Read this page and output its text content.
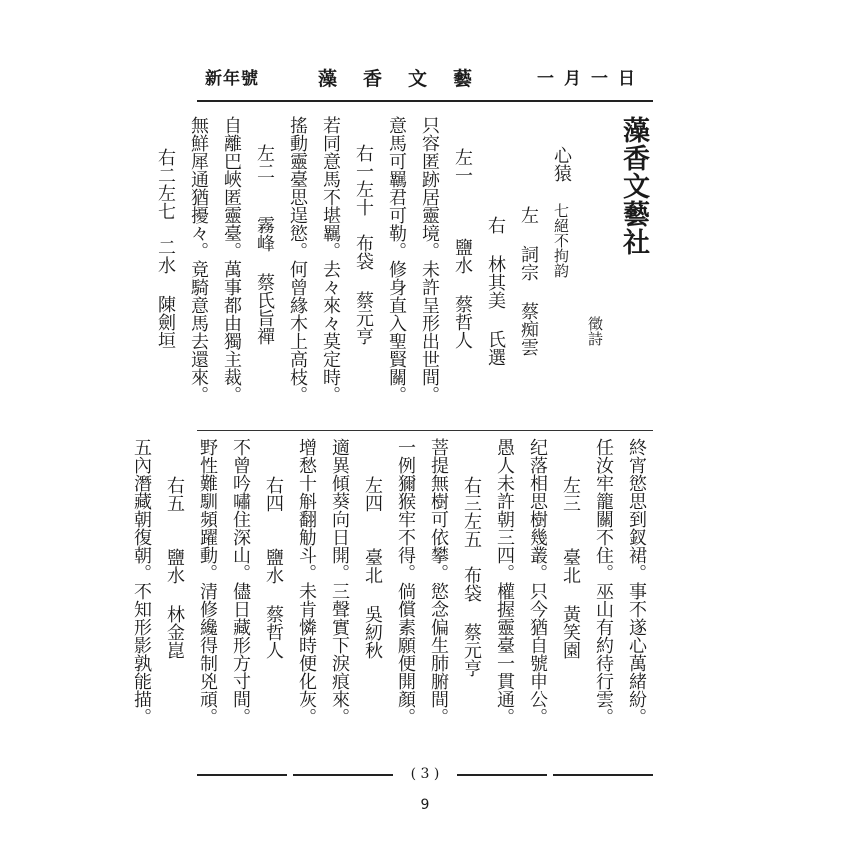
新年號	藻香文藝 一月一日
藻香文藝社
徵詩
心猿 七絕不拘韵
左 詞宗 蔡痴雲
右 林其美 氏選
左一　　　鹽水 蔡哲人
只容匿跡居靈境。未許呈形出世間。
意馬可羈君可勒。修身直入聖賢關。
右一左十　布袋 蔡元亨
若同意馬不堪羈。去々來々莫定時。
搖動靈臺思逞慾。何曾緣木上高枝。
左二　　霧峰 蔡氏旨禪
自離巴峽匿靈臺。萬事都由獨主裁。
無鮮犀通猶擾々。竟騎意馬去還來。
右二左七　二水 陳劍垣
終宵慾思到釵裙。事不遂心萬緒紛。
任汝牢籠關不住。巫山有約待行雲。
左三　　臺北 黃笑園
纪落相思樹幾叢。只今猶自號申公。
愚人未許朝三四。權握靈臺一貫通。
右三左五　布袋 蔡元亨
菩提無樹可依攀。慾念偏生肺腑間。
一例獮猴牢不得。倘償素願便開顏。
左四　　臺北 吳紉秋
適異傾葵向日開。三聲實下淚痕來。
增愁十斛翻觔斗。未肯憐時便化灰。
右四　　鹽水 蔡哲人
不曾吟嘯住深山。儘日藏形方寸間。
野性難馴頻躍動。清修纔得制兇頑。
右五　　鹽水 林金崑
五內潛藏朝復朝。不知形影孰能描。
( 3 )
9
